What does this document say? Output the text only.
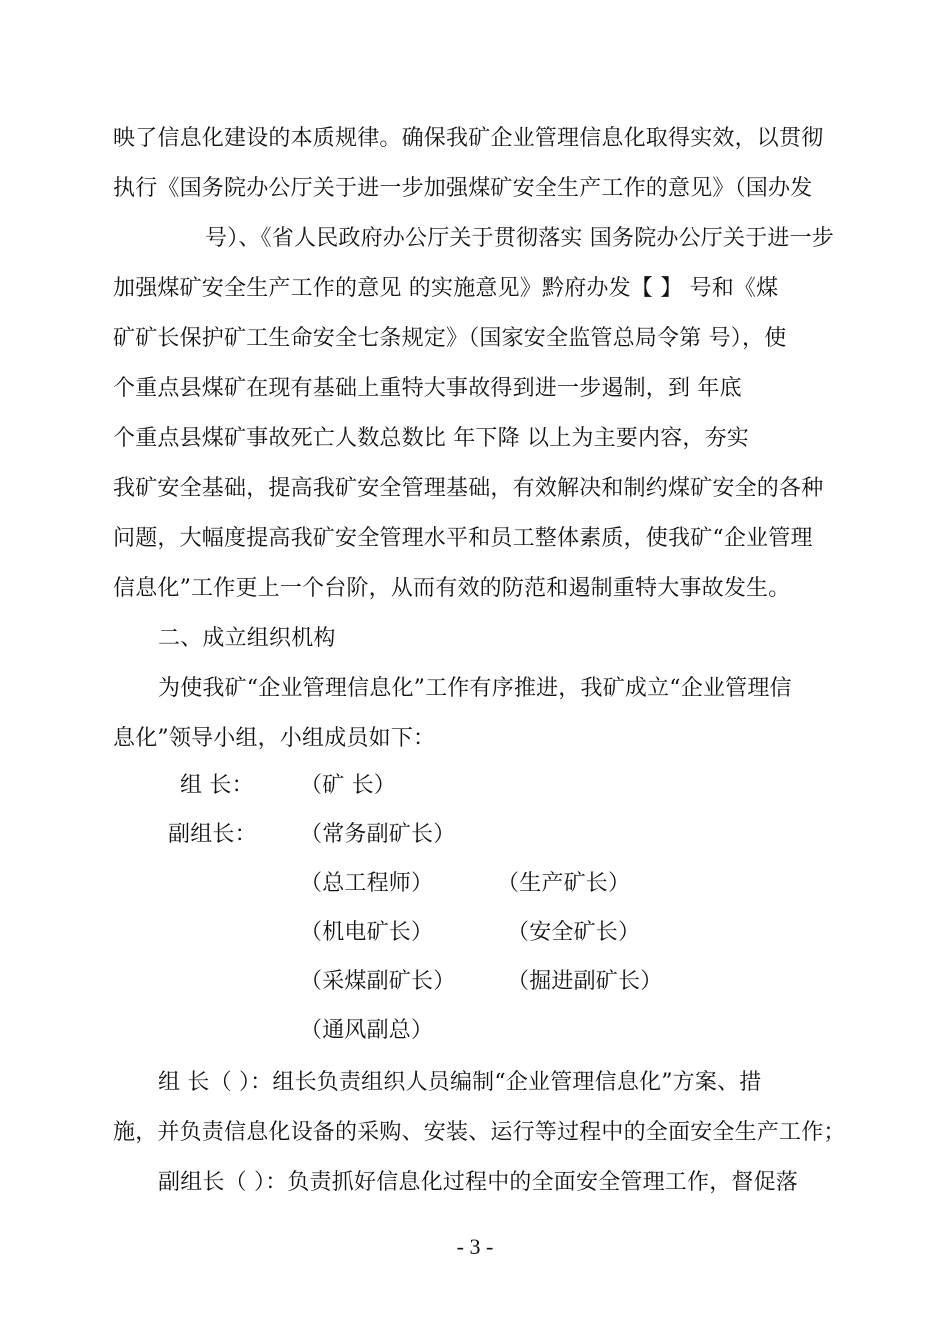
映了信息化建设的本质规律。确保我矿企业管理信息化取得实效，以贯彻
执行《国务院办公厅关于进一步加强煤矿安全生产工作的意见》（国办发
号）、《省人民政府办公厅关于贯彻落实 国务院办公厅关于进一步
加强煤矿安全生产工作的意见 的实施意见》黔府办发【 】 号和《煤
矿矿长保护矿工生命安全七条规定》（国家安全监管总局令第 号），使
个重点县煤矿在现有基础上重特大事故得到进一步遏制，到 年底
个重点县煤矿事故死亡人数总数比 年下降 以上为主要内容，夯实
我矿安全基础，提高我矿安全管理基础，有效解决和制约煤矿安全的各种
问题，大幅度提高我矿安全管理水平和员工整体素质，使我矿“企业管理
信息化”工作更上一个台阶，从而有效的防范和遏制重特大事故发生。
二、成立组织机构
为使我矿“企业管理信息化”工作有序推进，我矿成立“企业管理信
息化”领导小组，小组成员如下：
组 长： （矿 长）
副组长： （常务副矿长）
（总工程师）	（生产矿长）
（机电矿长）	（安全矿长）
（采煤副矿长） （掘进副矿长）
（通风副总）
组 长（ ）：组长负责组织人员编制“企业管理信息化”方案、措
施，并负责信息化设备的采购、安装、运行等过程中的全面安全生产工作；
副组长（ ）：负责抓好信息化过程中的全面安全管理工作，督促落
- 3 -
